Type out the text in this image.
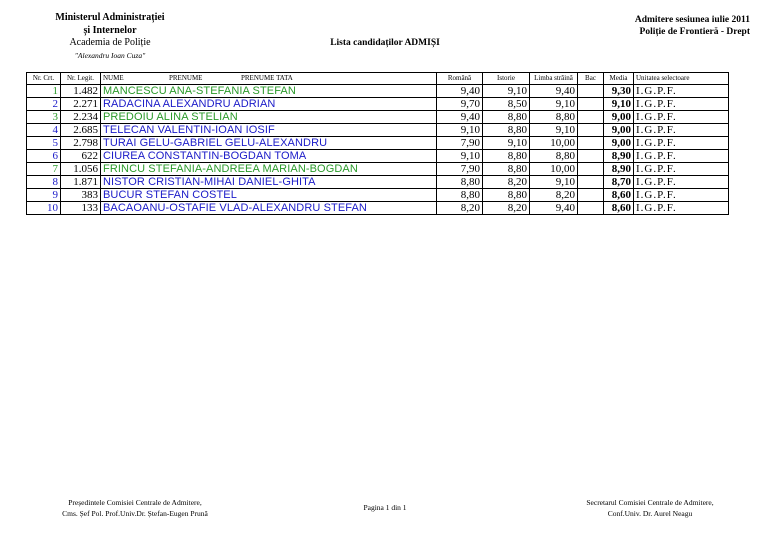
Ministerul Administrației
și Internelor
Academia de Poliție
"Alexandru Ioan Cuza"
Lista candidaților ADMIȘI
Admitere sesiunea iulie 2011
Poliție de Frontieră - Drept
Nr. Crt.	Nr. Legit.	NUME PRENUME PRENUME TATA	Română	Istorie	Limba străină	Bac	Media	Unitatea selectoare
1	1.482	MANCESCU ANA-STEFANIA STEFAN	9,40	9,10	9,40		9,30	I.G.P.F.
2	2.271	RADACINA ALEXANDRU ADRIAN	9,70	8,50	9,10		9,10	I.G.P.F.
3	2.234	PREDOIU ALINA STELIAN	9,40	8,80	8,80		9,00	I.G.P.F.
4	2.685	TELECAN VALENTIN-IOAN IOSIF	9,10	8,80	9,10		9,00	I.G.P.F.
5	2.798	TURAI GELU-GABRIEL GELU-ALEXANDRU	7,90	9,10	10,00		9,00	I.G.P.F.
6	622	CIUREA CONSTANTIN-BOGDAN TOMA	9,10	8,80	8,80		8,90	I.G.P.F.
7	1.056	FRINCU STEFANIA-ANDREEA MARIAN-BOGDAN	7,90	8,80	10,00		8,90	I.G.P.F.
8	1.871	NISTOR CRISTIAN-MIHAI DANIEL-GHITA	8,80	8,20	9,10		8,70	I.G.P.F.
9	383	BUCUR STEFAN COSTEL	8,80	8,80	8,20		8,60	I.G.P.F.
10	133	BACAOANU-OSTAFIE VLAD-ALEXANDRU STEFAN	8,20	8,20	9,40		8,60	I.G.P.F.
Președintele Comisiei Centrale de Admitere,
Cms. Șef Pol. Prof.Univ.Dr. Ștefan-Eugen Prună
Pagina 1 din 1
Secretarul Comisiei Centrale de Admitere,
Conf.Univ. Dr. Aurel Neagu
